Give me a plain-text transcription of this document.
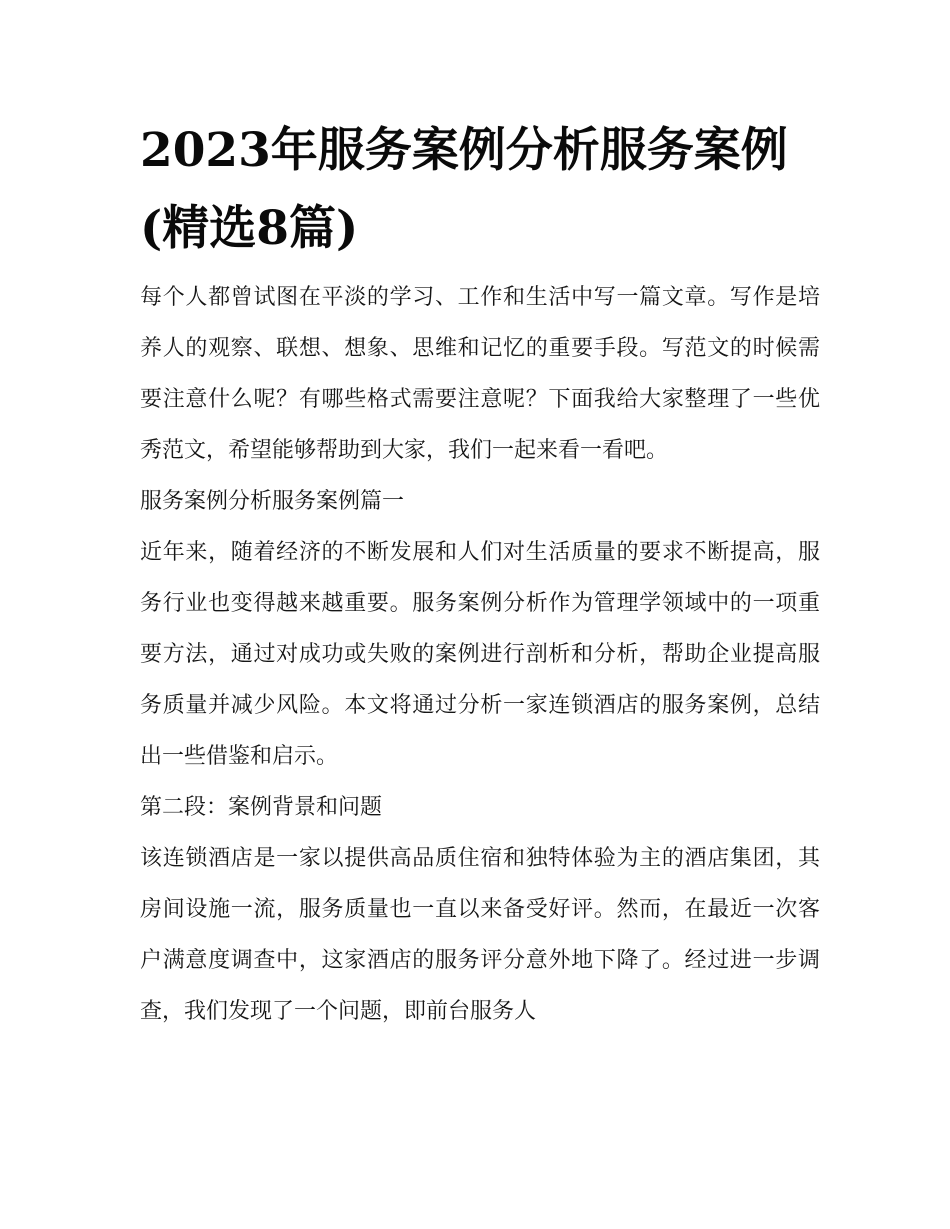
2023年服务案例分析服务案例(精选8篇)

每个人都曾试图在平淡的学习、工作和生活中写一篇文章。写作是培养人的观察、联想、想象、思维和记忆的重要手段。写范文的时候需要注意什么呢？有哪些格式需要注意呢？下面我给大家整理了一些优秀范文，希望能够帮助到大家，我们一起来看一看吧。

服务案例分析服务案例篇一

近年来，随着经济的不断发展和人们对生活质量的要求不断提高，服务行业也变得越来越重要。服务案例分析作为管理学领域中的一项重要方法，通过对成功或失败的案例进行剖析和分析，帮助企业提高服务质量并减少风险。本文将通过分析一家连锁酒店的服务案例，总结出一些借鉴和启示。

第二段：案例背景和问题

该连锁酒店是一家以提供高品质住宿和独特体验为主的酒店集团，其房间设施一流，服务质量也一直以来备受好评。然而，在最近一次客户满意度调查中，这家酒店的服务评分意外地下降了。经过进一步调查，我们发现了一个问题，即前台服务人
